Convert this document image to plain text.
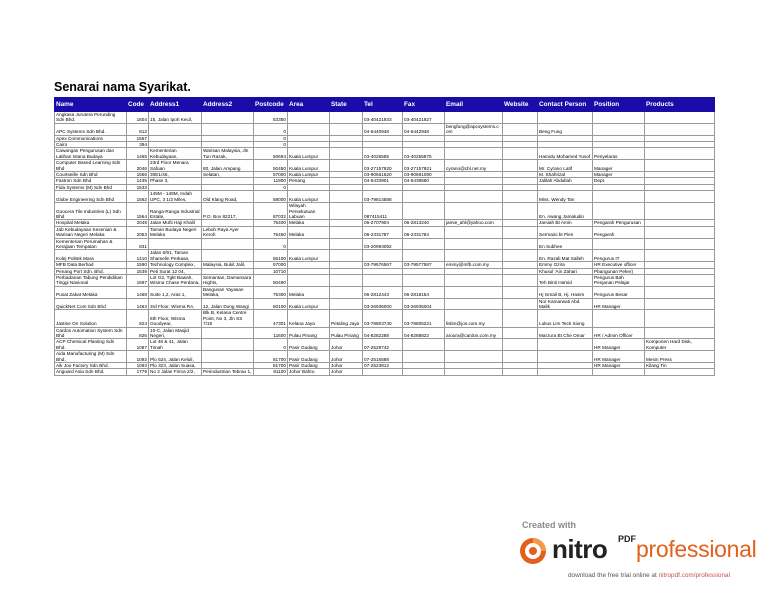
Senarai nama Syarikat.
Name	Code	Address1	Address2	Postcode	Area	State	Tel	Fax	Email	Website	Contact Person	Position	Products
Angkasa Jurutera Perunding Sdn Bhd.	1604	15, Jalan Ipoh Kecil,		53350			03-40421933	03-40421927					
APC Systems Sdn Bhd.	812			0			04-6440948	04-6442948	bengfung@apcsystems.com		Beng Fung		
Apex Communications	1557			0									
Cairo	394			0									
Cawangan Pengurusan dan Latihan Istana Budaya	1465	Kementerian Kebudayaan,	Warisan Malaysia, Jln Tun Razak,	50694	Kuala Lumpur		03-4026555	03-40255975			Hamidu Mohamed Yusof	Penyelaras	
Computer Based Learning Sdn Bhd	2046	23rd Floor Menara Safuan	80, Jalan Ampang	50450	Kuala Lumpur		03-27157920	03-27157921	cyrano@cbl.net.my		Mr. Cyrano Latif	Manager	
Courtseille Sdn Bhd	1566	30E1/46,	Selatan,	57000	Kuala Lumpur		03-90561620	03-90591090			M. Shahrizal	Manager	
Fastron Sdn Bhd	1435	Phase 3,		11900	Penang		04-6433901	04-6439560			Jalilah Abdullah	Dept.	
Fida Systems (M) Sdn Bhd	1533			0									
Globe Engineering Sdn Bhd	1562	145M - 149M, Indah UPC, 3 1/2 Miles,	Old Klang Road,	58000	Kuala Lumpur		03-79814588				Miss. Wendy Tan		
Goocera Tile Industries (L) Sdn Bhd	1564	Ranga-Ranga Industrial Estate,	P.O. Box 82217,	87032	Wilayah Persekutuan Labuan		087415411				En. Awang Jamaludin		
Hospital Melaka	2049	Jalan Mufti Haji Khalil		75400	Melaka		06-2707904	06-2813240	jamie_ahl@yahoo.com		Jamiah Bt Amin	Pengarah Pengurusan	
Jab Kebudayaan Kesenian & Warisan Negeri Melaka	2053	Taman Budaya Negeri Melaka	Lebuh Raya Ayer Keroh	75450	Melaka		06-2331787	06-2331784			Sermaini bt Pien	Pengarah	
Kementerian Perumahan & Kerajaan Tempatan	831			0			03-20993092				En Subhee		
Kolej Politek Mara	1410	Jalan 6/91, Taman Shamelin Perkasa,		56100	Kuala Lumpur						En. Razali Mat Salleh	Pengurus IT	
MFB Data Berhad	1590	Technology Complex,	Malaysia, Bukit Jalil,	57000			03-79576567	03-79577587	emmy@mfb.com.my		Emmy Ozira	HR Executive officer	
Penang Port Sdn. Bhd.	1539	Peti Surat 12 04,		10710							Khusul 'Ain Zahari	Pbangunan Peker)	
Perbadanan Tabung Pendidikan Tinggi Nasional	1597	Lot G2, Tgkt Bawah, Wisma Chase Perdana,	Semantan, Damansara Hights,	50490							Teh Binti Hamid	Pengurus Bah Penjanan Pelajar	
Pusat Zakat Melaka	1468	Suite 1,2, Aras 1,	Bangunan Yayasan Melaka,	75300	Melaka		06-2812443	06-2818154			Hj Ismail B, Hj. Hasim	Pengurus Besar	
QuickNet Com Sdn Bhd	1463	3rd Floor, Wisma RA,	12, Jalan Dong Wangi	50100	Kuala Lumpur		03-26936000	03-26935004			Nor Kamarwati Abd. Malik	HR Manager	
Jastine On Solution	824	6th Floor, Wisma Goodyear,	Blk B, Kelana Centre Point, No 3, Jln SS 7/19	47301	Kelana Jaya	Petaling Jaya	03-78803740	03-78805221	lislim@jos.com.my		Lukus Lim Teck Siong		
Cardos Automation System Sdn Bhd	826	10-C, Jalan Masjid Negeri,		11600	Pulau Pinang	Pulau Pinang	04-8282288	04-8288822	aroura@cardos.com.my		Marzura Bt Che Omar	HR / Admin Officer	
ACP Chemical Planting Sdn Bhd.	1087	Lot 48 & 41, Jalan Timah		0	Pasir Gudang	Johor	07-2528742					HR Manager	Komponen Hard Disk, Komputer
Aida Manufacturing (M) Sdn Bhd.	1092	Plo 524, Jalan Keluli,		81700	Pasir Gudang	Johor	07-2516588					HR Manager	Mesin Press
Aik Joo Factory Sdn Bhd.	1093	Plo 323, Jalan Suasa,		81700	Pasir Gudang	Johor	07-2523812					HR Manager	Kilang Tin
Anguard Asia Sdn Bhd.	1779	No 2 Jalan Firma 2/2,	Perindustrian Tebrau 1,	81100	Johor Bahru	Johor							
Created with
nitro PDF professional
download the free trial online at nitropdf.com/professional
